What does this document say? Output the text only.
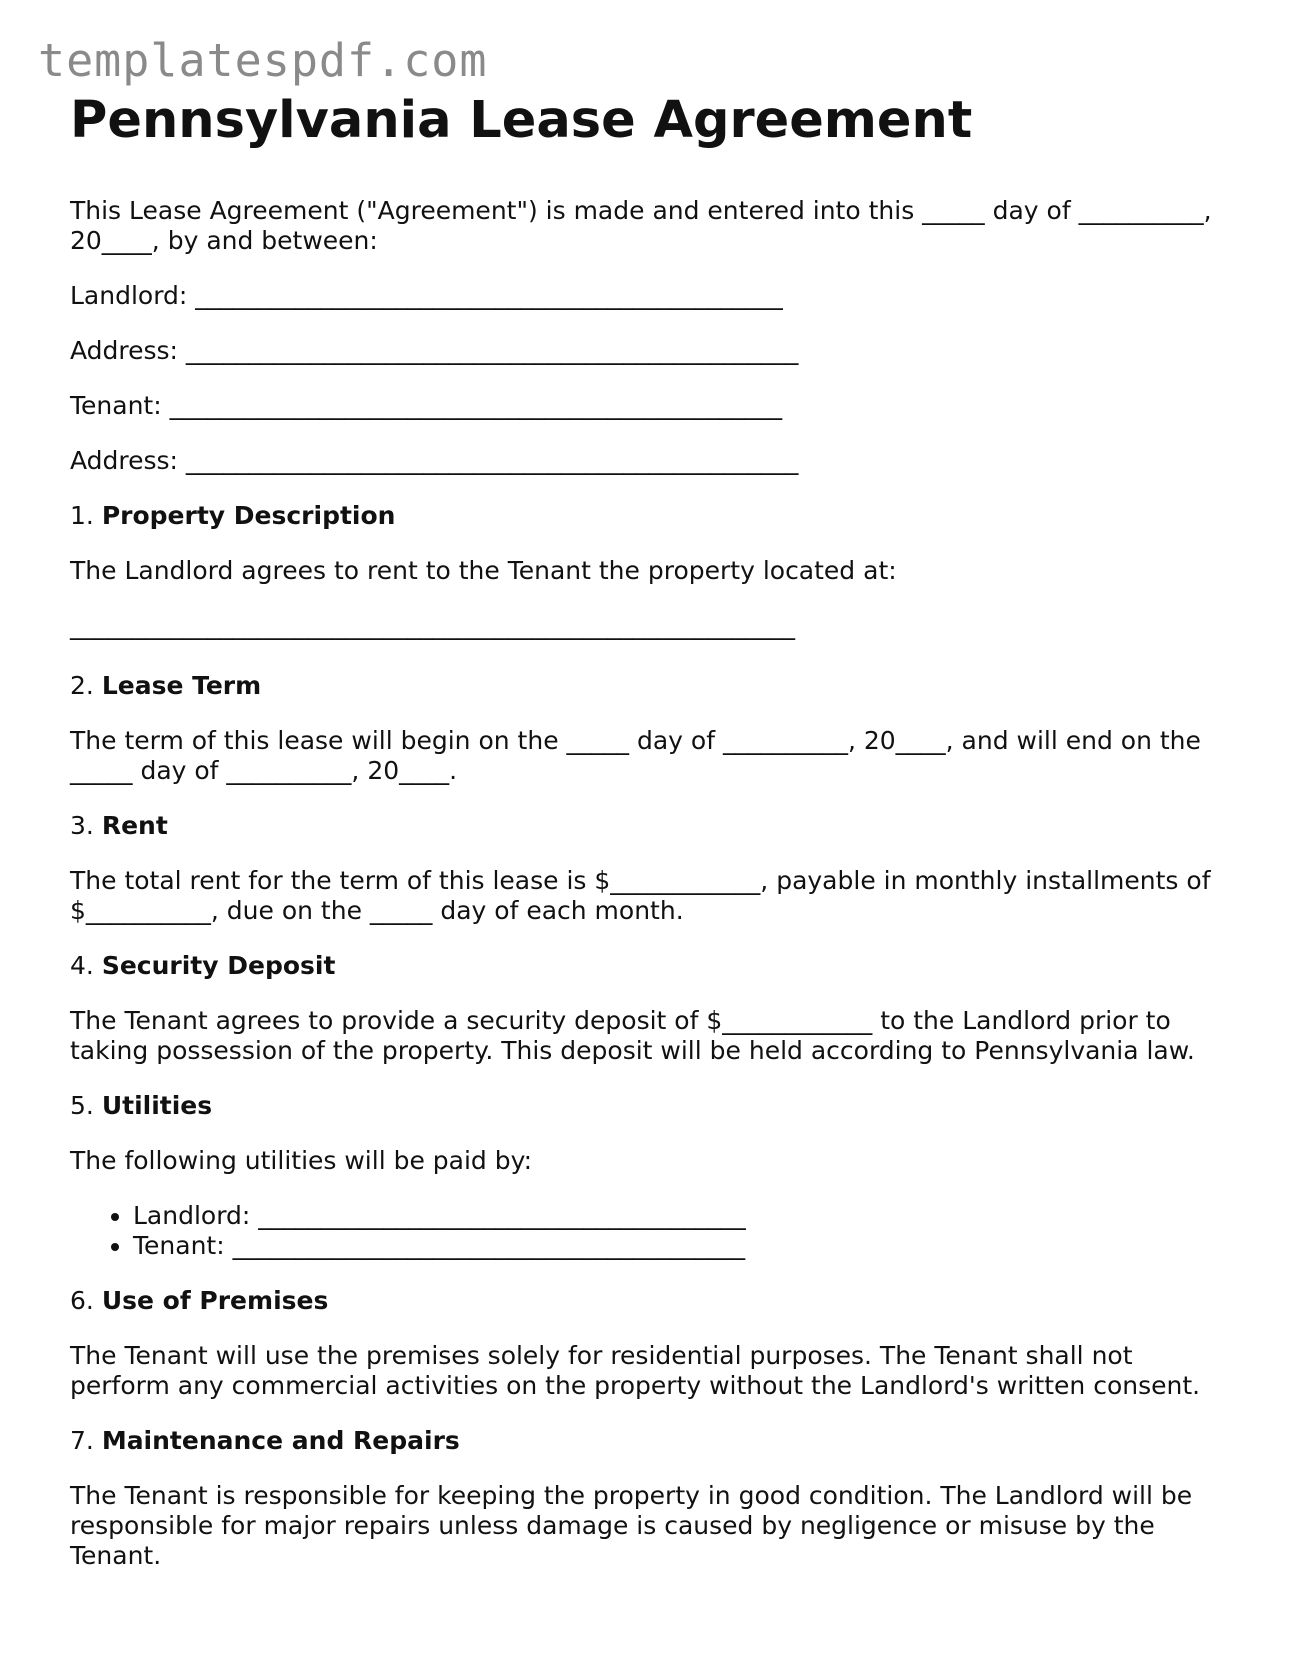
templatespdf.com
Pennsylvania Lease Agreement

This Lease Agreement ("Agreement") is made and entered into this _____ day of __________, 20____, by and between:

Landlord: _______________________________________________
Address: _________________________________________________
Tenant: _________________________________________________
Address: _________________________________________________
1. Property Description

The Landlord agrees to rent to the Tenant the property located at:

__________________________________________________________
2. Lease Term

The term of this lease will begin on the _____ day of __________, 20____, and will end on the _____ day of __________, 20____.

3. Rent

The total rent for the term of this lease is $____________, payable in monthly installments of $__________, due on the _____ day of each month.

4. Security Deposit

The Tenant agrees to provide a security deposit of $____________ to the Landlord prior to taking possession of the property. This deposit will be held according to Pennsylvania law.

5. Utilities

The following utilities will be paid by:

• Landlord: _______________________________________
• Tenant: _________________________________________
6. Use of Premises

The Tenant will use the premises solely for residential purposes. The Tenant shall not perform any commercial activities on the property without the Landlord's written consent.

7. Maintenance and Repairs

The Tenant is responsible for keeping the property in good condition. The Landlord will be responsible for major repairs unless damage is caused by negligence or misuse by the Tenant.
